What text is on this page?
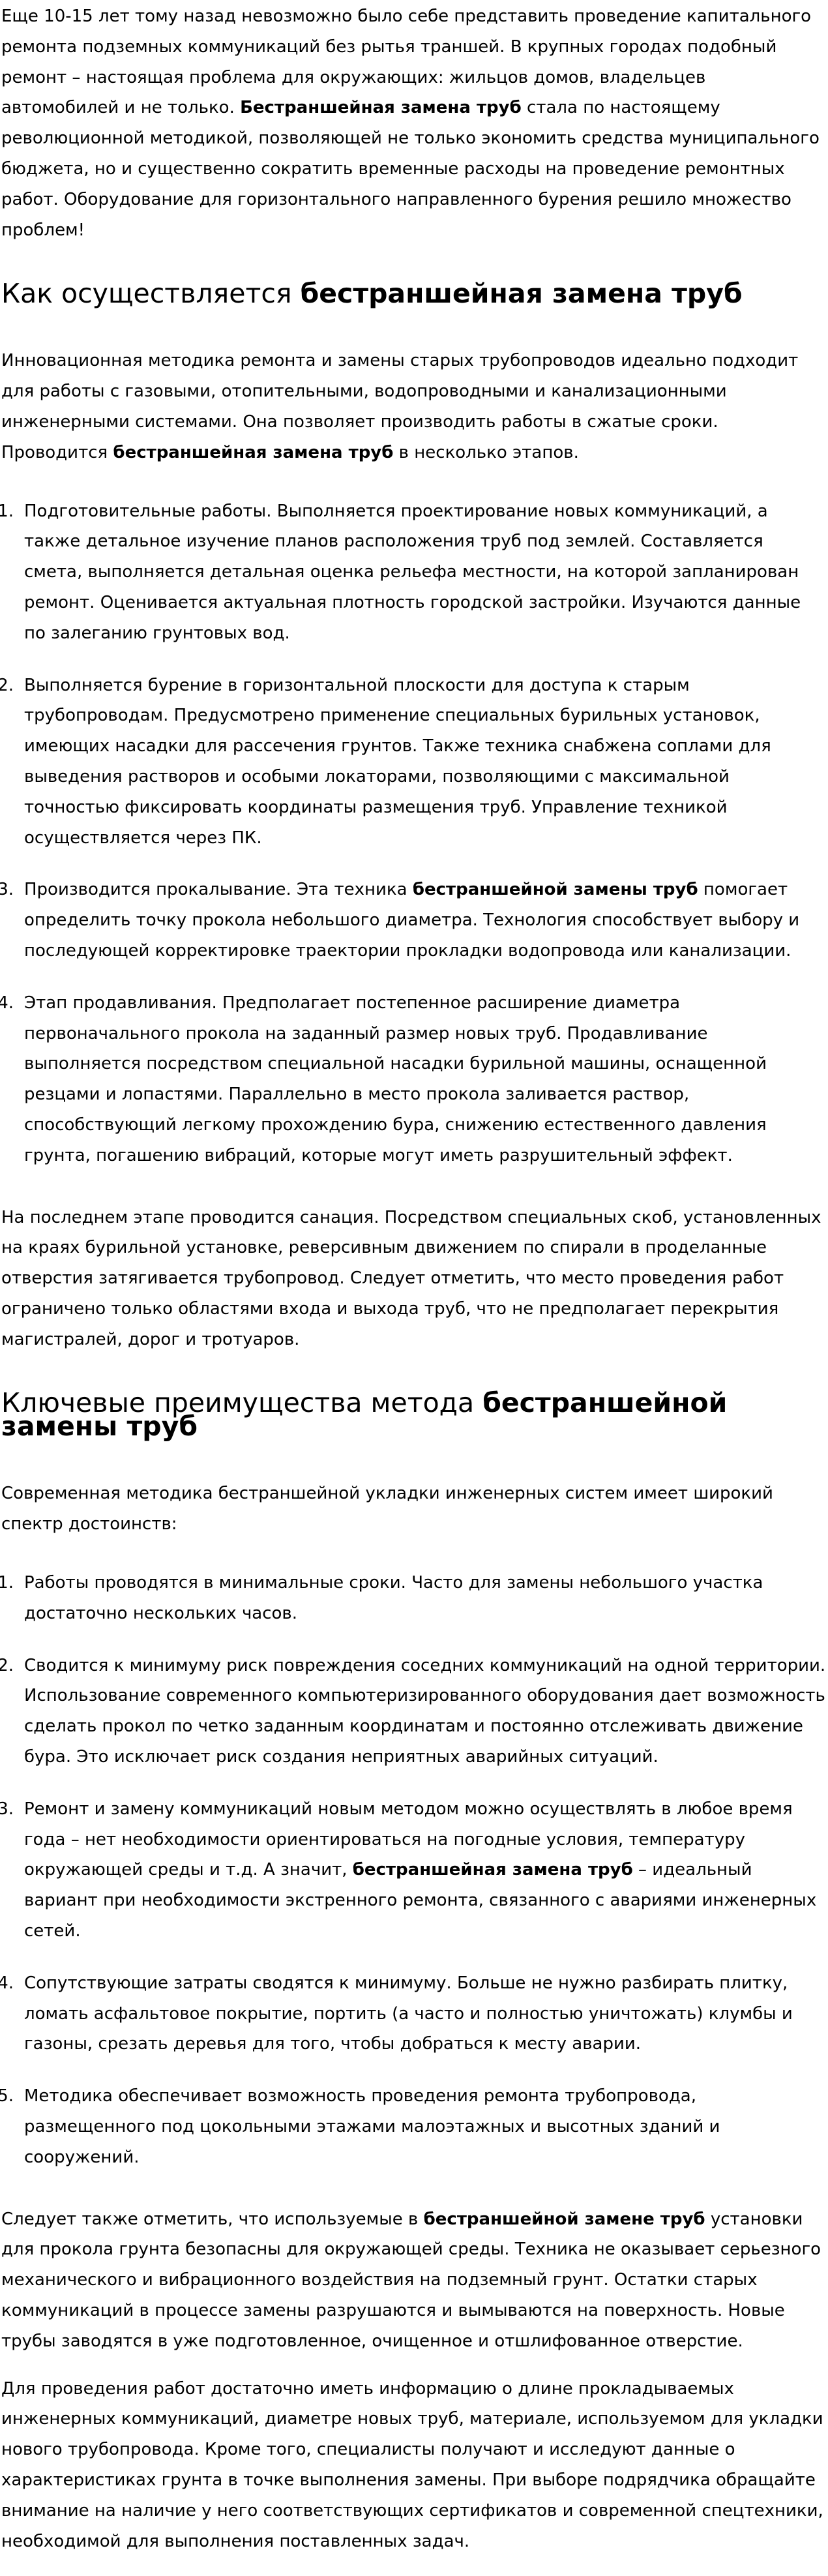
Еще 10-15 лет тому назад невозможно было себе представить проведение капитального ремонта подземных коммуникаций без рытья траншей. В крупных городах подобный ремонт – настоящая проблема для окружающих: жильцов домов, владельцев автомобилей и не только. Бестраншейная замена труб стала по настоящему революционной методикой, позволяющей не только экономить средства муниципального бюджета, но и существенно сократить временные расходы на проведение ремонтных работ. Оборудование для горизонтального направленного бурения решило множество проблем!

Как осуществляется бестраншейная замена труб

Инновационная методика ремонта и замены старых трубопроводов идеально подходит для работы с газовыми, отопительными, водопроводными и канализационными инженерными системами. Она позволяет производить работы в сжатые сроки. Проводится бестраншейная замена труб в несколько этапов.

Подготовительные работы. Выполняется проектирование новых коммуникаций, а также детальное изучение планов расположения труб под землей. Составляется смета, выполняется детальная оценка рельефа местности, на которой запланирован ремонт. Оценивается актуальная плотность городской застройки. Изучаются данные по залеганию грунтовых вод.
Выполняется бурение в горизонтальной плоскости для доступа к старым трубопроводам. Предусмотрено применение специальных бурильных установок, имеющих насадки для рассечения грунтов. Также техника снабжена соплами для выведения растворов и особыми локаторами, позволяющими с максимальной точностью фиксировать координаты размещения труб. Управление техникой осуществляется через ПК.
Производится прокалывание. Эта техника бестраншейной замены труб помогает определить точку прокола небольшого диаметра. Технология способствует выбору и последующей корректировке траектории прокладки водопровода или канализации.
Этап продавливания. Предполагает постепенное расширение диаметра первоначального прокола на заданный размер новых труб. Продавливание выполняется посредством специальной насадки бурильной машины, оснащенной резцами и лопастями. Параллельно в место прокола заливается раствор, способствующий легкому прохождению бура, снижению естественного давления грунта, погашению вибраций, которые могут иметь разрушительный эффект.

На последнем этапе проводится санация. Посредством специальных скоб, установленных на краях бурильной установке, реверсивным движением по спирали в проделанные отверстия затягивается трубопровод. Следует отметить, что место проведения работ ограничено только областями входа и выхода труб, что не предполагает перекрытия магистралей, дорог и тротуаров.

Ключевые преимущества метода бестраншейной замены труб

Современная методика бестраншейной укладки инженерных систем имеет широкий спектр достоинств:

Работы проводятся в минимальные сроки. Часто для замены небольшого участка достаточно нескольких часов.
Сводится к минимуму риск повреждения соседних коммуникаций на одной территории. Использование современного компьютеризированного оборудования дает возможность сделать прокол по четко заданным координатам и постоянно отслеживать движение бура. Это исключает риск создания неприятных аварийных ситуаций.
Ремонт и замену коммуникаций новым методом можно осуществлять в любое время года – нет необходимости ориентироваться на погодные условия, температуру окружающей среды и т.д. А значит, бестраншейная замена труб – идеальный вариант при необходимости экстренного ремонта, связанного с авариями инженерных сетей.
Сопутствующие затраты сводятся к минимуму. Больше не нужно разбирать плитку, ломать асфальтовое покрытие, портить (а часто и полностью уничтожать) клумбы и газоны, срезать деревья для того, чтобы добраться к месту аварии.
Методика обеспечивает возможность проведения ремонта трубопровода, размещенного под цокольными этажами малоэтажных и высотных зданий и сооружений.

Следует также отметить, что используемые в бестраншейной замене труб установки для прокола грунта безопасны для окружающей среды. Техника не оказывает серьезного механического и вибрационного воздействия на подземный грунт. Остатки старых коммуникаций в процессе замены разрушаются и вымываются на поверхность. Новые трубы заводятся в уже подготовленное, очищенное и отшлифованное отверстие.

Для проведения работ достаточно иметь информацию о длине прокладываемых инженерных коммуникаций, диаметре новых труб, материале, используемом для укладки нового трубопровода. Кроме того, специалисты получают и исследуют данные о характеристиках грунта в точке выполнения замены. При выборе подрядчика обращайте внимание на наличие у него соответствующих сертификатов и современной спецтехники, необходимой для выполнения поставленных задач.
